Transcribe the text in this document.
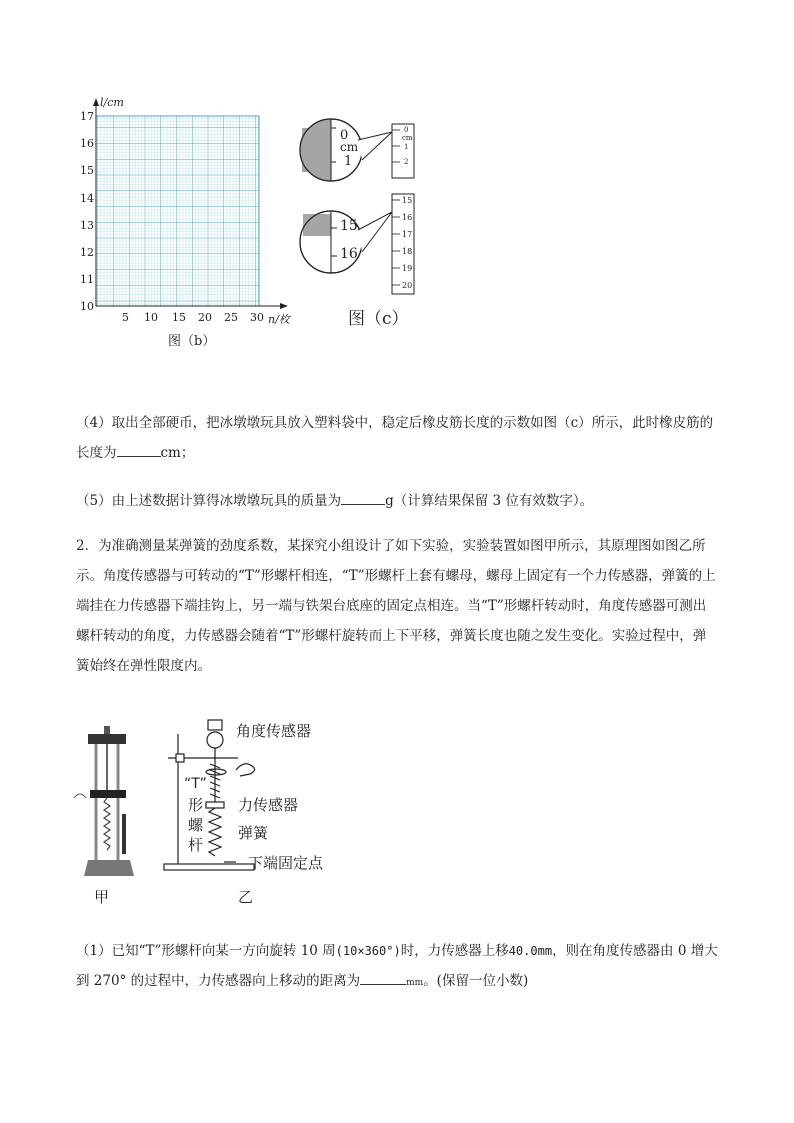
l/cm
17
16
15
14
13
12
11
10
5 10 15 20 25 30 n/枚
图（b）
0
cm
1
0
cm
1
2
15
16
15
16
17
18
19
20
图（c）
（4）取出全部硬币，把冰墩墩玩具放入塑料袋中，稳定后橡皮筋长度的示数如图（c）所示，此时橡皮筋的
长度为	cm；
（5）由上述数据计算得冰墩墩玩具的质量为	g（计算结果保留 3 位有效数字）。
2．为准确测量某弹簧的劲度系数，某探究小组设计了如下实验，实验装置如图甲所示，其原理图如图乙所
示。角度传感器与可转动的“T”形螺杆相连，“T”形螺杆上套有螺母，螺母上固定有一个力传感器，弹簧的上
端挂在力传感器下端挂钩上，另一端与铁架台底座的固定点相连。当“T”形螺杆转动时，角度传感器可测出
螺杆转动的角度，力传感器会随着“T”形螺杆旋转而上下平移，弹簧长度也随之发生变化。实验过程中，弹
簧始终在弹性限度内。
角度传感器
“T”
形
螺
杆
力传感器
弹簧
下端固定点
甲	乙
（1）已知“T”形螺杆向某一方向旋转 10 周(10×360°)时，力传感器上移40.0mm，则在角度传感器由 0 增大
到 270° 的过程中，力传感器向上移动的距离为	mm。(保留一位小数)
